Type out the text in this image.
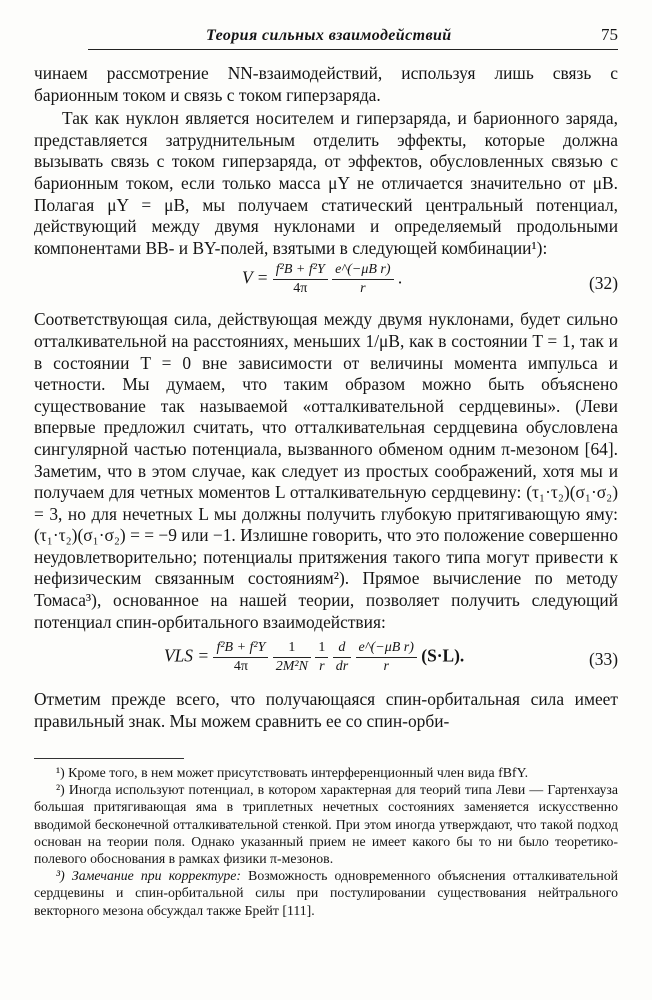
Теория сильных взаимодействий	75

чинаем рассмотрение NN-взаимодействий, используя лишь связь с барионным током и связь с током гиперзаряда.

Так как нуклон является носителем и гиперзаряда, и барионного заряда, представляется затруднительным отделить эффекты, которые должна вызывать связь с током гиперзаряда, от эффектов, обусловленных связью с барионным током, если только масса μY не отличается значительно от μB. Полагая μY = μB, мы получаем статический центральный потенциал, действующий между двумя нуклонами и определяемый продольными компонентами BB- и BY-полей, взятыми в следующей комбинации¹):

$V = \frac{\text{f²B + f²Y}}{4\pi}$
$\frac{\text{e\textasciicircum{}(−μB r)}}{r}$ .	(32)

Соответствующая сила, действующая между двумя нуклонами, будет сильно отталкивательной на расстояниях, меньших 1/μB, как в состоянии T = 1, так и в состоянии T = 0 вне зависимости от величины момента импульса и четности. Мы думаем, что таким образом можно быть объяснено существование так называемой «отталкивательной сердцевины». (Леви впервые предложил считать, что отталкивательная сердцевина обусловлена сингулярной частью потенциала, вызванного обменом одним π-мезоном [64]. Заметим, что в этом случае, как следует из простых соображений, хотя мы и получаем для четных моментов L отталкивательную сердцевину: (τ₁·τ₂)(σ₁·σ₂) = 3, но для нечетных L мы должны получить глубокую притягивающую яму: (τ₁·τ₂)(σ₁·σ₂) = = −9 или −1. Излишне говорить, что это положение совершенно неудовлетворительно; потенциалы притяжения такого типа могут привести к нефизическим связанным состояниям²). Прямое вычисление по методу Томаса³), основанное на нашей теории, позволяет получить следующий потенциал спин-орбитального взаимодействия:

VLS = $\frac{\text{f²B + f²Y}}{4\pi}$
$\frac{1}{\text{2M²N}}$
$\frac{1}{r}$
$\frac{d}{dr}$
$\frac{\text{e\textasciicircum{}(−μB r)}}{r} (S\cdot L)$.	(33)

Отметим прежде всего, что получающаяся спин-орбитальная сила имеет правильный знак. Мы можем сравнить ее со спин-орби-

¹) Кроме того, в нем может присутствовать интерференционный член вида fBfY.

²) Иногда используют потенциал, в котором характерная для теорий типа Леви — Гартенхауза большая притягивающая яма в триплетных нечетных состояниях заменяется искусственно вводимой бесконечной отталкивательной стенкой. При этом иногда утверждают, что такой подход основан на теории поля. Однако указанный прием не имеет какого бы то ни было теоретико-полевого обоснования в рамках физики π-мезонов.

³) Замечание при корректуре: Возможность одновременного объяснения отталкивательной сердцевины и спин-орбитальной силы при постулировании существования нейтрального векторного мезона обсуждал также Брейт [111].
